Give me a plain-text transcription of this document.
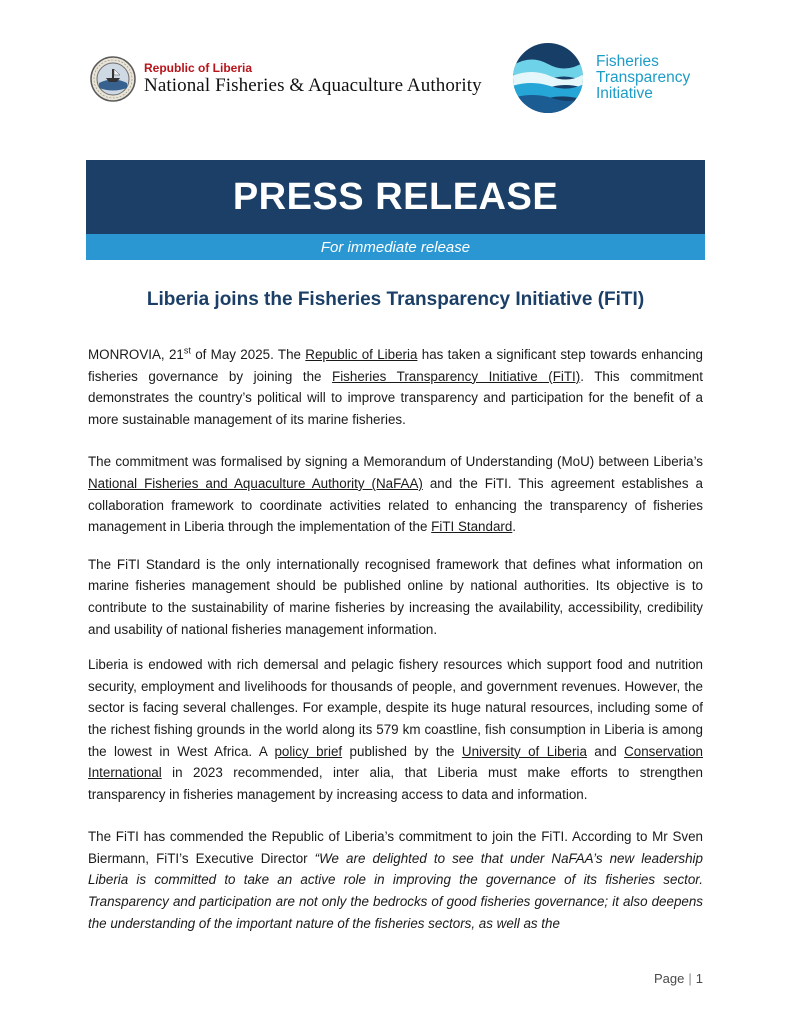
Republic of Liberia
National Fisheries & Aquaculture Authority
Fisheries
Transparency
Initiative
PRESS RELEASE
For immediate release
Liberia joins the Fisheries Transparency Initiative (FiTI)

MONROVIA, 21st of May 2025. The Republic of Liberia has taken a significant step towards enhancing fisheries governance by joining the Fisheries Transparency Initiative (FiTI). This commitment demonstrates the country’s political will to improve transparency and participation for the benefit of a more sustainable management of its marine fisheries.

The commitment was formalised by signing a Memorandum of Understanding (MoU) between Liberia’s National Fisheries and Aquaculture Authority (NaFAA) and the FiTI. This agreement establishes a collaboration framework to coordinate activities related to enhancing the transparency of fisheries management in Liberia through the implementation of the FiTI Standard.

The FiTI Standard is the only internationally recognised framework that defines what information on marine fisheries management should be published online by national authorities. Its objective is to contribute to the sustainability of marine fisheries by increasing the availability, accessibility, credibility and usability of national fisheries management information.

Liberia is endowed with rich demersal and pelagic fishery resources which support food and nutrition security, employment and livelihoods for thousands of people, and government revenues. However, the sector is facing several challenges. For example, despite its huge natural resources, including some of the richest fishing grounds in the world along its 579 km coastline, fish consumption in Liberia is among the lowest in West Africa. A policy brief published by the University of Liberia and Conservation International in 2023 recommended, inter alia, that Liberia must make efforts to strengthen transparency in fisheries management by increasing access to data and information.

The FiTI has commended the Republic of Liberia’s commitment to join the FiTI. According to Mr Sven Biermann, FiTI’s Executive Director “We are delighted to see that under NaFAA’s new leadership Liberia is committed to take an active role in improving the governance of its fisheries sector. Transparency and participation are not only the bedrocks of good fisheries governance; it also deepens the understanding of the important nature of the fisheries sectors, as well as the

Page | 1
